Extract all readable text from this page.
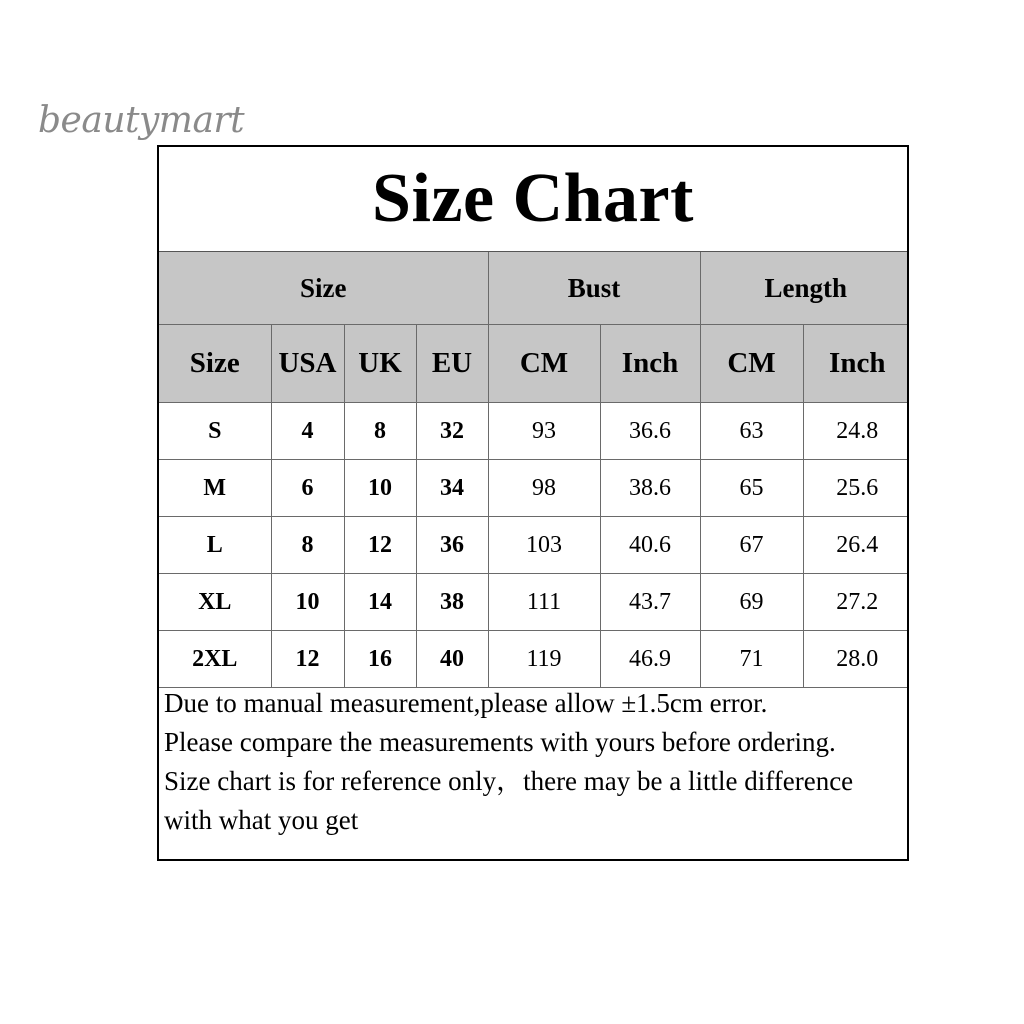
beautymart
Size Chart
Size				Bust		Length	
Size	USA	UK	EU	CM	Inch	CM	Inch
S	4	8	32	93	36.6	63	24.8
M	6	10	34	98	38.6	65	25.6
L	8	12	36	103	40.6	67	26.4
XL	10	14	38	111	43.7	69	27.2
2XL	12	16	40	119	46.9	71	28.0

Due to manual measurement,please allow ±1.5cm error.

Please compare the measurements with yours before ordering.

Size chart is for reference only，there may be a little difference with what you get
